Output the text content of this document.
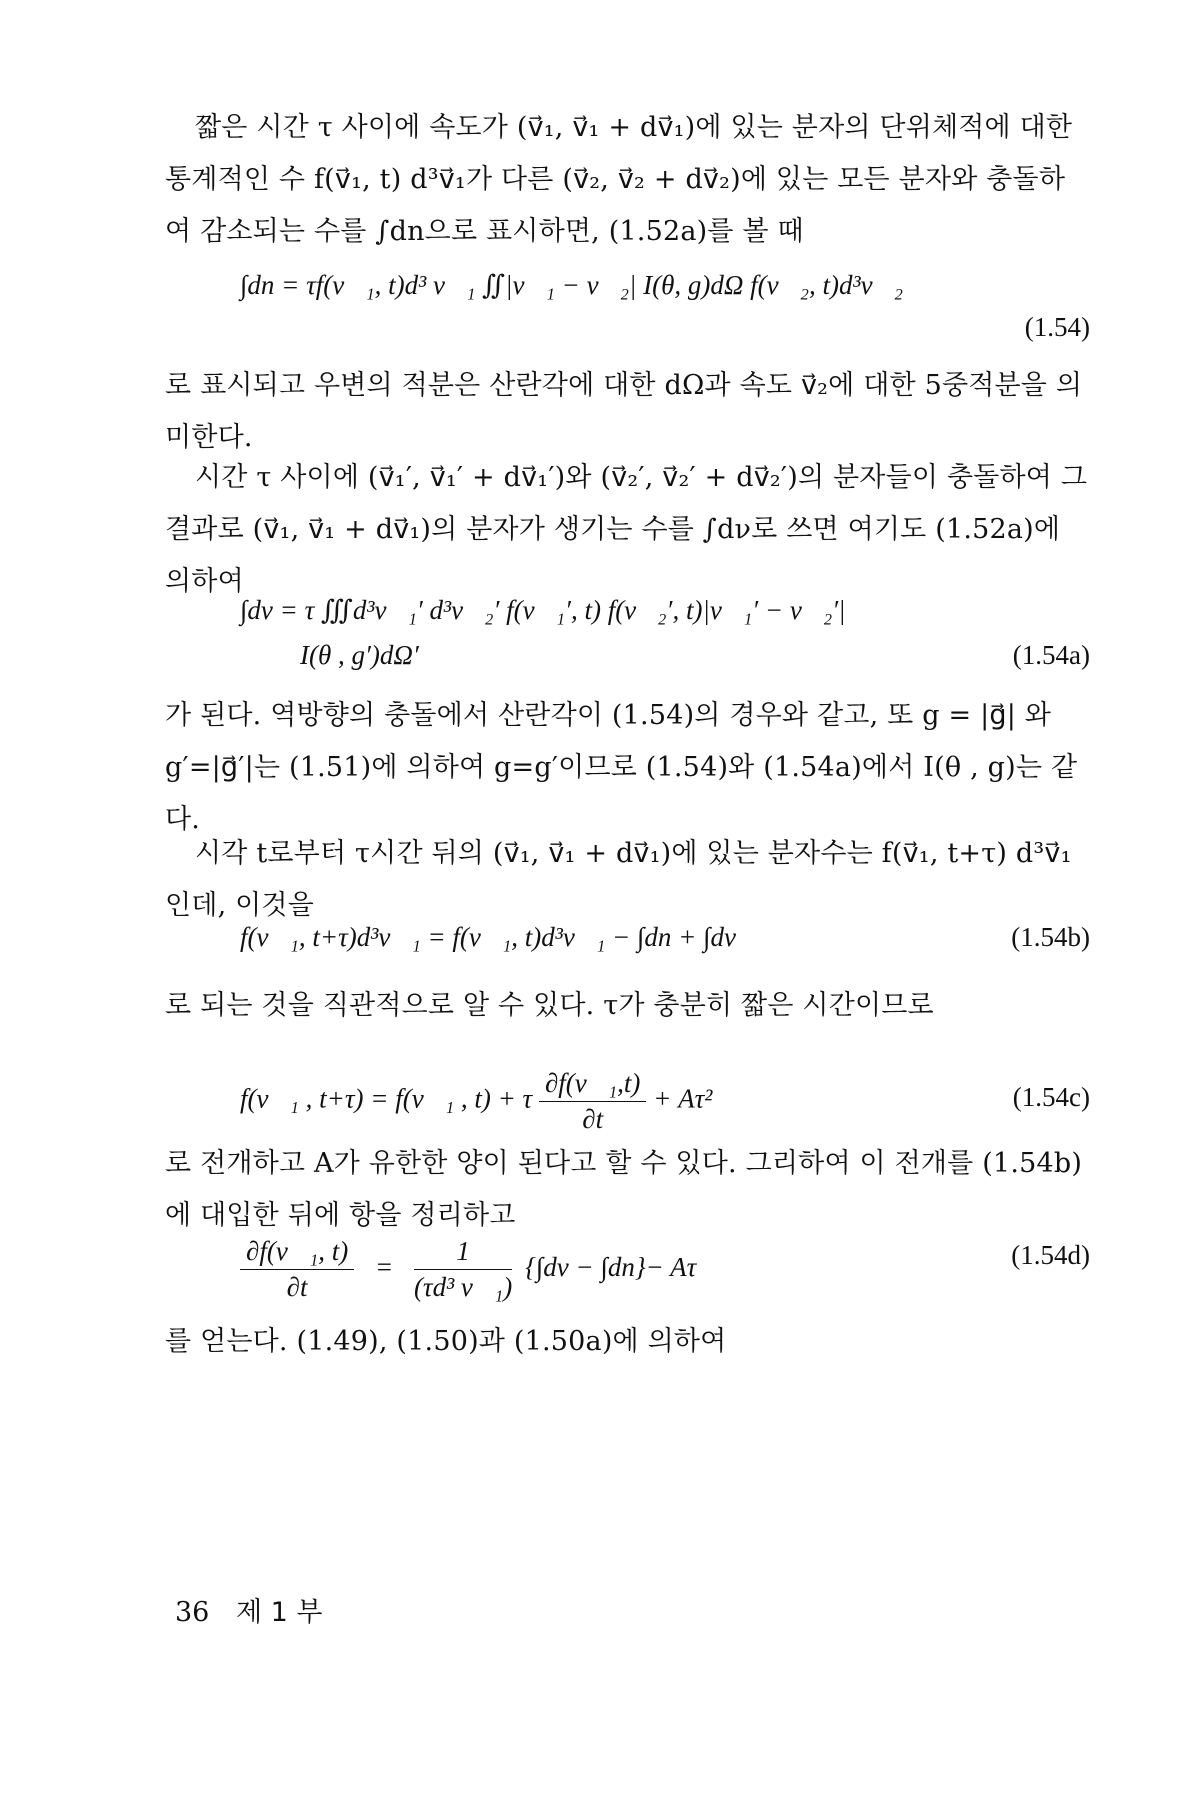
짧은 시간 τ 사이에 속도가 (v⃗₁, v⃗₁ + dv⃗₁)에 있는 분자의 단위체적에 대한 통계적인 수 f(v⃗₁, t) d³v⃗₁가 다른 (v⃗₂, v⃗₂ + dv⃗₂)에 있는 모든 분자와 충돌하여 감소되는 수를 ∫dn으로 표시하면, (1.52a)를 볼 때

∫dn = τf(v⃗₁, t)d³ v⃗₁ ∬|v⃗₁ − v⃗₂| I(θ, g)dΩ f(v⃗₂, t)d³v⃗₂
(1.54)

로 표시되고 우변의 적분은 산란각에 대한 dΩ과 속도 v⃗₂에 대한 5중적분을 의미한다.

시간 τ 사이에 (v⃗₁′, v⃗₁′ + dv⃗₁′)와 (v⃗₂′, v⃗₂′ + dv⃗₂′)의 분자들이 충돌하여 그 결과로 (v⃗₁, v⃗₁ + dv⃗₁)의 분자가 생기는 수를 ∫dν로 쓰면 여기도 (1.52a)에 의하여

∫dν = τ ∭d³v⃗₁′ d³v⃗₂′ f(v⃗₁′, t) f(v⃗₂′, t)|v⃗₁′ − v⃗₂′|
I(θ , g′)dΩ′	(1.54a)

가 된다. 역방향의 충돌에서 산란각이 (1.54)의 경우와 같고, 또 g = |g⃗| 와 g′=|g⃗′|는 (1.51)에 의하여 g=g′이므로 (1.54)와 (1.54a)에서 I(θ , g)는 같다.

시각 t로부터 τ시간 뒤의 (v⃗₁, v⃗₁ + dv⃗₁)에 있는 분자수는 f(v⃗₁, t+τ) d³v⃗₁인데, 이것을

f(v⃗₁, t+τ)d³v⃗₁ = f(v⃗₁, t)d³v⃗₁ − ∫dn + ∫dν	(1.54b)

로 되는 것을 직관적으로 알 수 있다. τ가 충분히 짧은 시간이므로

f(v⃗₁ , t+τ) = f(v⃗₁ , t) + τ $\frac{\text{∂f(v⃗₁,t)}}{\partial t} + A\tau^2$	(1.54c)

로 전개하고 A가 유한한 양이 된다고 할 수 있다. 그리하여 이 전개를 (1.54b)에 대입한 뒤에 항을 정리하고

$\frac{\text{∂f(v⃗₁, t)}}{\partial t} = \frac{1}{\text{(τd³ v⃗₁)}} \{\int d\nu - \int dn\}- A\tau$	(1.54d)

를 얻는다. (1.49), (1.50)과 (1.50a)에 의하여

36 제 1 부
